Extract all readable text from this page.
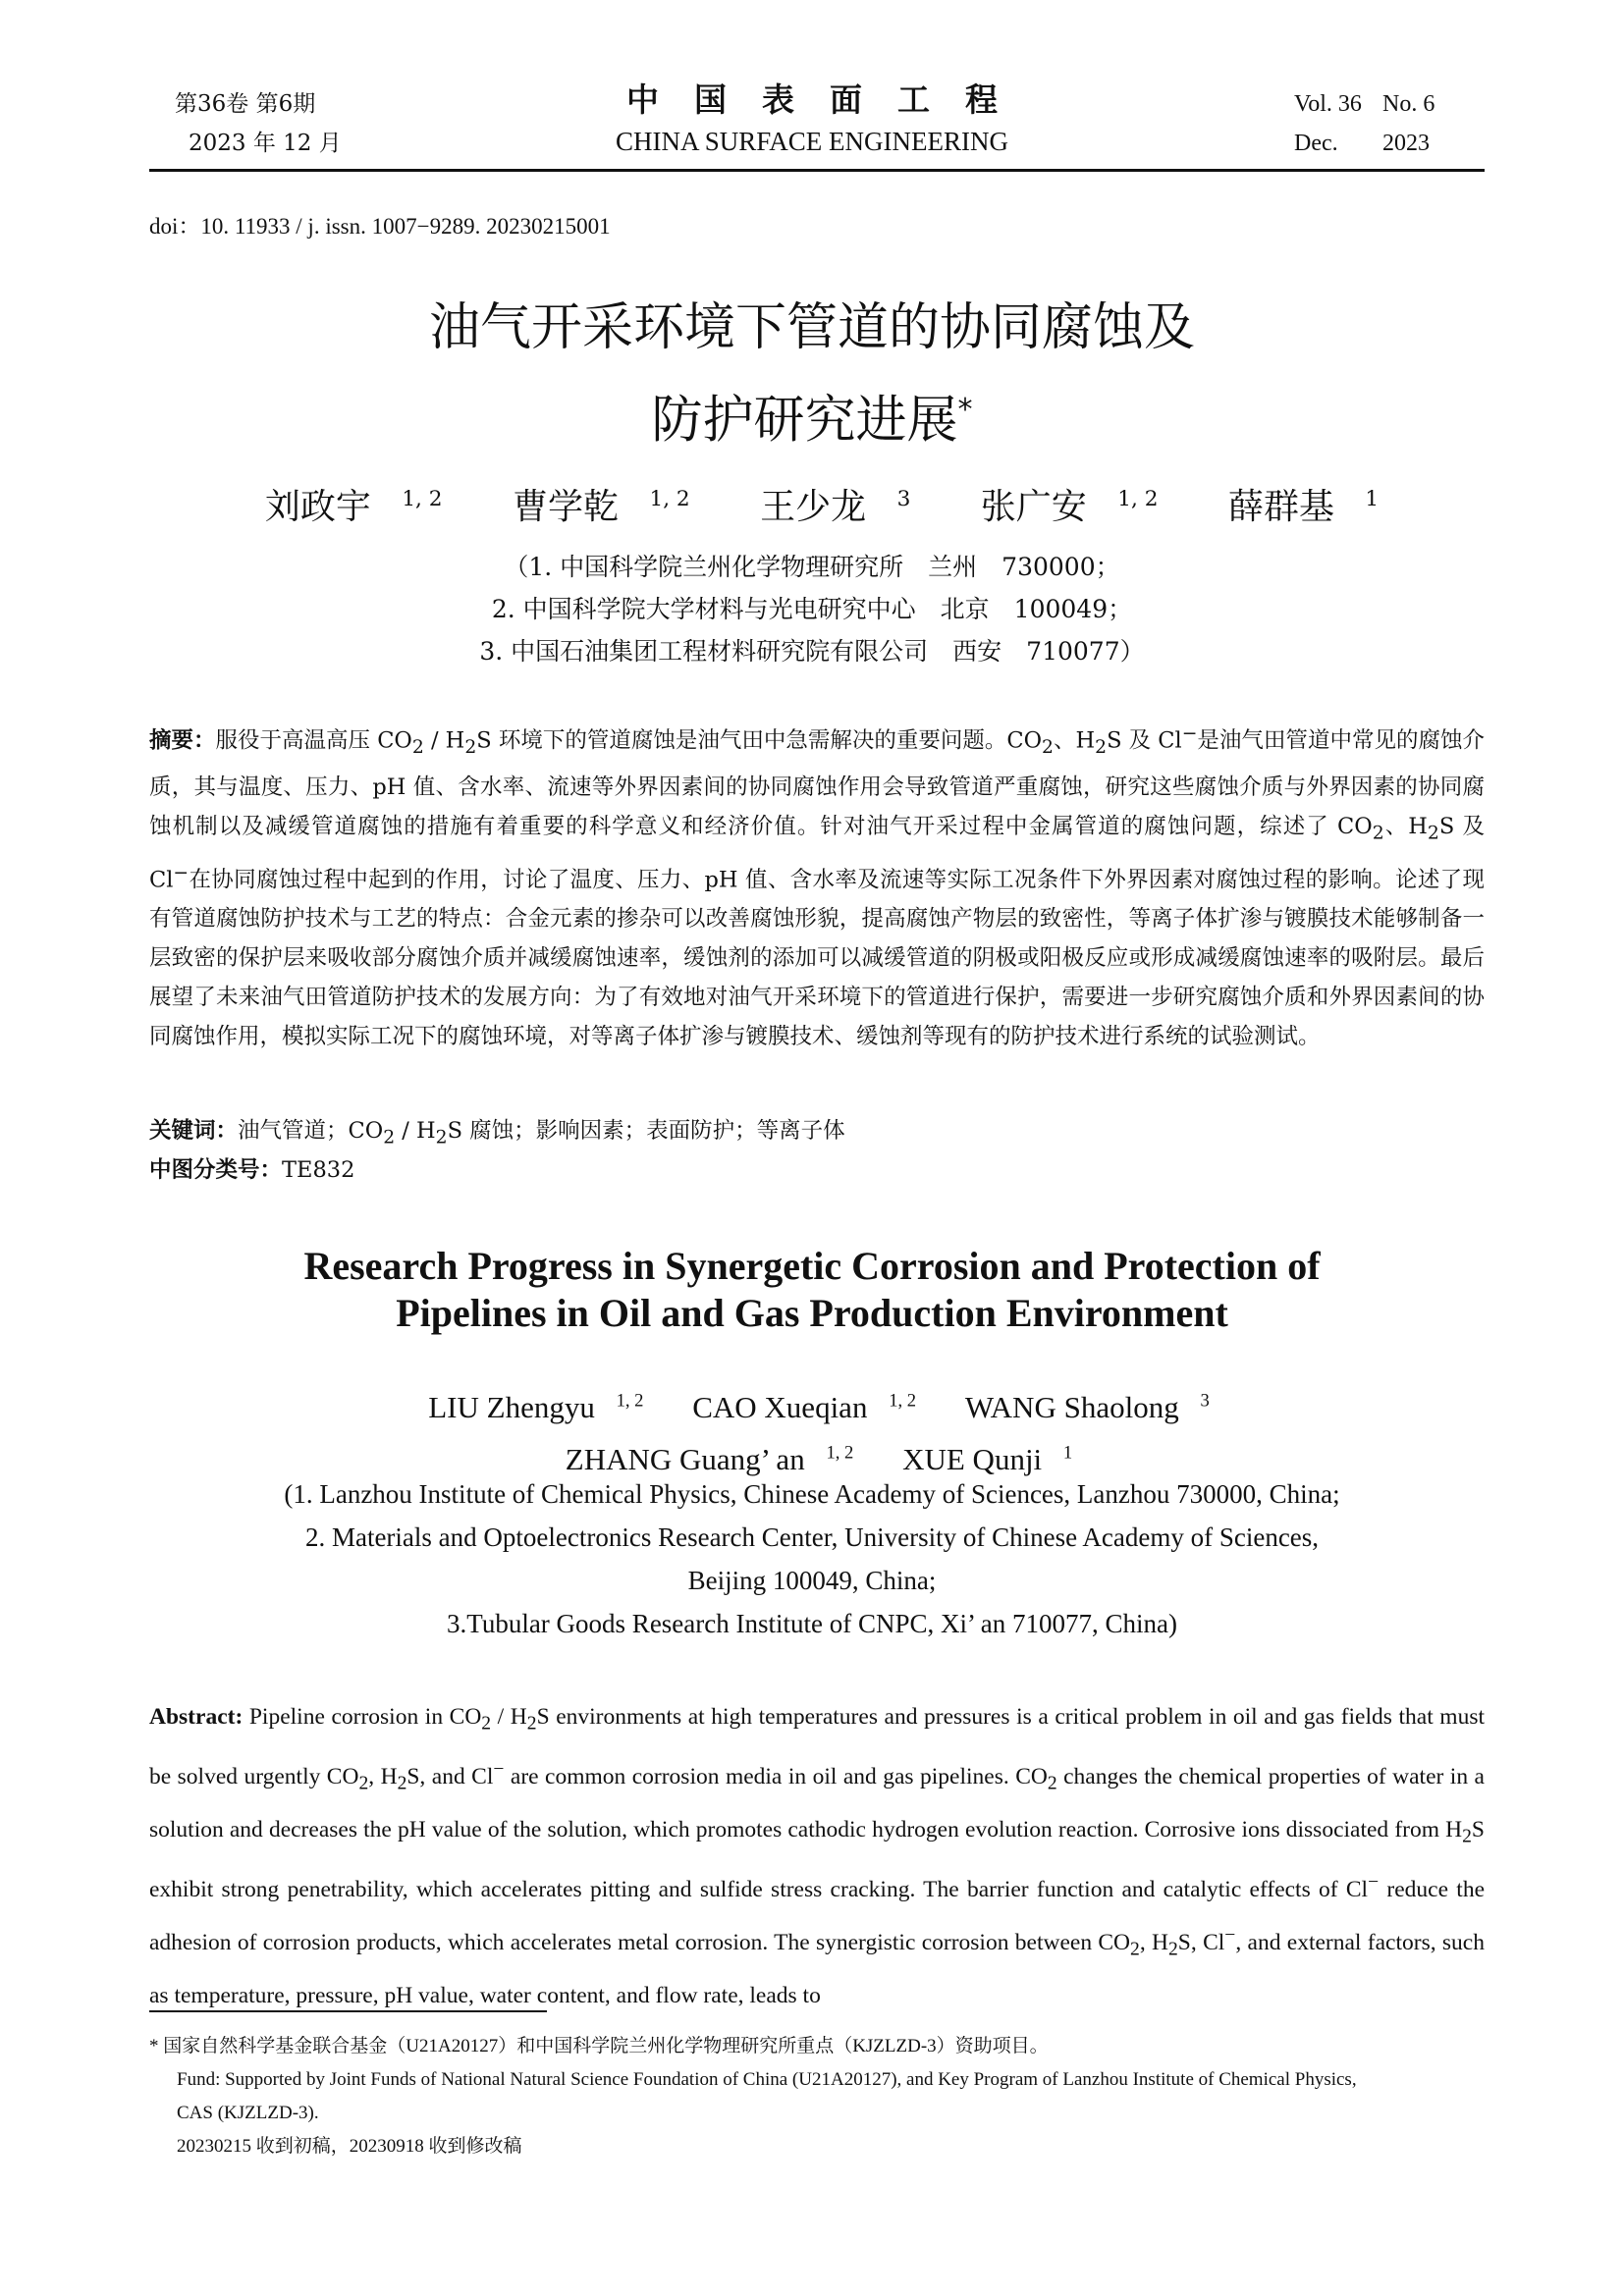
第36卷 第6期
2023 年 12 月
中国表面工程
CHINA SURFACE ENGINEERING
Vol. 36 No. 6
Dec. 2023
doi：10. 11933 / j. issn. 1007−9289. 20230215001
油气开采环境下管道的协同腐蚀及
防护研究进展*
刘政宇 $^{1, 2}$ 曹学乾 $^{1, 2}$ 王少龙 $^3$ 张广安 $^{1, 2}$ 薛群基 $^1$
（1. 中国科学院兰州化学物理研究所　兰州　730000；
2. 中国科学院大学材料与光电研究中心　北京　100049；
3. 中国石油集团工程材料研究院有限公司　西安　710077）
摘要：服役于高温高压 $CO_2 / H_2S$ 环境下的管道腐蚀是油气田中急需解决的重要问题。$CO_2$、$H_2S$ 及 Cl−是油气田管道中常见的腐蚀介质，其与温度、压力、pH 值、含水率、流速等外界因素间的协同腐蚀作用会导致管道严重腐蚀，研究这些腐蚀介质与外界因素的协同腐蚀机制以及减缓管道腐蚀的措施有着重要的科学意义和经济价值。针对油气开采过程中金属管道的腐蚀问题，综述了 $CO_2$、$H_2S$ 及 Cl−在协同腐蚀过程中起到的作用，讨论了温度、压力、pH 值、含水率及流速等实际工况条件下外界因素对腐蚀过程的影响。论述了现有管道腐蚀防护技术与工艺的特点：合金元素的掺杂可以改善腐蚀形貌，提高腐蚀产物层的致密性，等离子体扩渗与镀膜技术能够制备一层致密的保护层来吸收部分腐蚀介质并减缓腐蚀速率，缓蚀剂的添加可以减缓管道的阴极或阳极反应或形成减缓腐蚀速率的吸附层。最后展望了未来油气田管道防护技术的发展方向：为了有效地对油气开采环境下的管道进行保护，需要进一步研究腐蚀介质和外界因素间的协同腐蚀作用，模拟实际工况下的腐蚀环境，对等离子体扩渗与镀膜技术、缓蚀剂等现有的防护技术进行系统的试验测试。
关键词：油气管道；$CO_2 / H_2S$ 腐蚀；影响因素；表面防护；等离子体
中图分类号：TE832
Research Progress in Synergetic Corrosion and Protection of
Pipelines in Oil and Gas Production Environment
LIU Zhengyu $^{1, 2}$ CAO Xueqian $^{1, 2}$ WANG Shaolong $^3$
ZHANG Guang’ an $^{1, 2}$ XUE Qunji $^1$
(1. Lanzhou Institute of Chemical Physics, Chinese Academy of Sciences, Lanzhou 730000, China;
2. Materials and Optoelectronics Research Center, University of Chinese Academy of Sciences,
Beijing 100049, China;
3.Tubular Goods Research Institute of CNPC, Xi’ an 710077, China)
Abstract: Pipeline corrosion in $CO_2 / H_2S$ environments at high temperatures and pressures is a critical problem in oil and gas fields that must be solved urgently $CO_2$, $H_2S$, and Cl− are common corrosion media in oil and gas pipelines. $CO_2$ changes the chemical properties of water in a solution and decreases the pH value of the solution, which promotes cathodic hydrogen evolution reaction. Corrosive ions dissociated from $H_2S$ exhibit strong penetrability, which accelerates pitting and sulfide stress cracking. The barrier function and catalytic effects of Cl− reduce the adhesion of corrosion products, which accelerates metal corrosion. The synergistic corrosion between $CO_2$, $H_2S$, Cl−, and external factors, such as temperature, pressure, pH value, water content, and flow rate, leads to
* 国家自然科学基金联合基金（U21A20127）和中国科学院兰州化学物理研究所重点（KJZLZD-3）资助项目。
Fund: Supported by Joint Funds of National Natural Science Foundation of China (U21A20127), and Key Program of Lanzhou Institute of Chemical Physics,
CAS (KJZLZD-3).
20230215 收到初稿，20230918 收到修改稿
